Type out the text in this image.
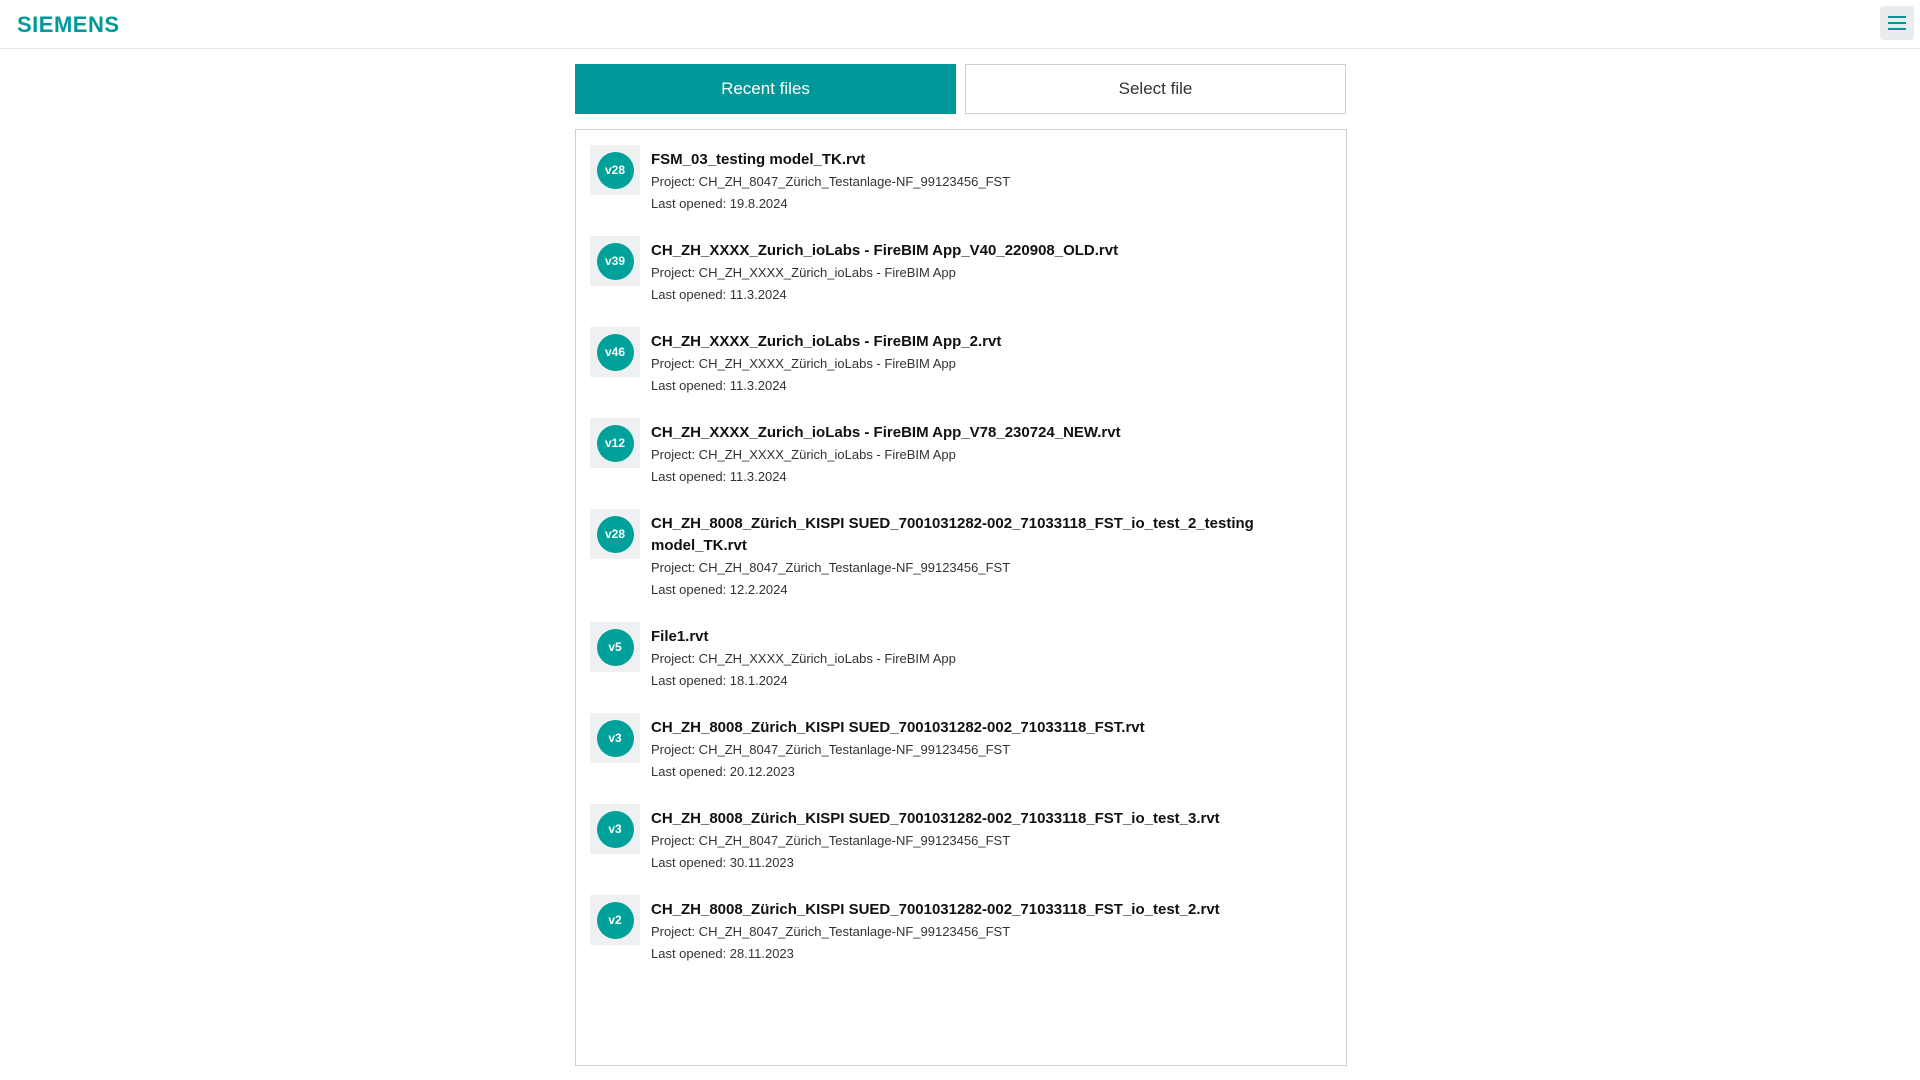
SIEMENS
Recent files	Select file
v28
FSM_03_testing model_TK.rvt
Project: CH_ZH_8047_Zürich_Testanlage-NF_99123456_FST
Last opened: 19.8.2024
v39
CH_ZH_XXXX_Zurich_ioLabs - FireBIM App_V40_220908_OLD.rvt
Project: CH_ZH_XXXX_Zürich_ioLabs - FireBIM App
Last opened: 11.3.2024
v46
CH_ZH_XXXX_Zurich_ioLabs - FireBIM App_2.rvt
Project: CH_ZH_XXXX_Zürich_ioLabs - FireBIM App
Last opened: 11.3.2024
v12
CH_ZH_XXXX_Zurich_ioLabs - FireBIM App_V78_230724_NEW.rvt
Project: CH_ZH_XXXX_Zürich_ioLabs - FireBIM App
Last opened: 11.3.2024
v28
CH_ZH_8008_Zürich_KISPI SUED_7001031282-002_71033118_FST_io_test_2_testing model_TK.rvt
Project: CH_ZH_8047_Zürich_Testanlage-NF_99123456_FST
Last opened: 12.2.2024
v5
File1.rvt
Project: CH_ZH_XXXX_Zürich_ioLabs - FireBIM App
Last opened: 18.1.2024
v3
CH_ZH_8008_Zürich_KISPI SUED_7001031282-002_71033118_FST.rvt
Project: CH_ZH_8047_Zürich_Testanlage-NF_99123456_FST
Last opened: 20.12.2023
v3
CH_ZH_8008_Zürich_KISPI SUED_7001031282-002_71033118_FST_io_test_3.rvt
Project: CH_ZH_8047_Zürich_Testanlage-NF_99123456_FST
Last opened: 30.11.2023
v2
CH_ZH_8008_Zürich_KISPI SUED_7001031282-002_71033118_FST_io_test_2.rvt
Project: CH_ZH_8047_Zürich_Testanlage-NF_99123456_FST
Last opened: 28.11.2023
